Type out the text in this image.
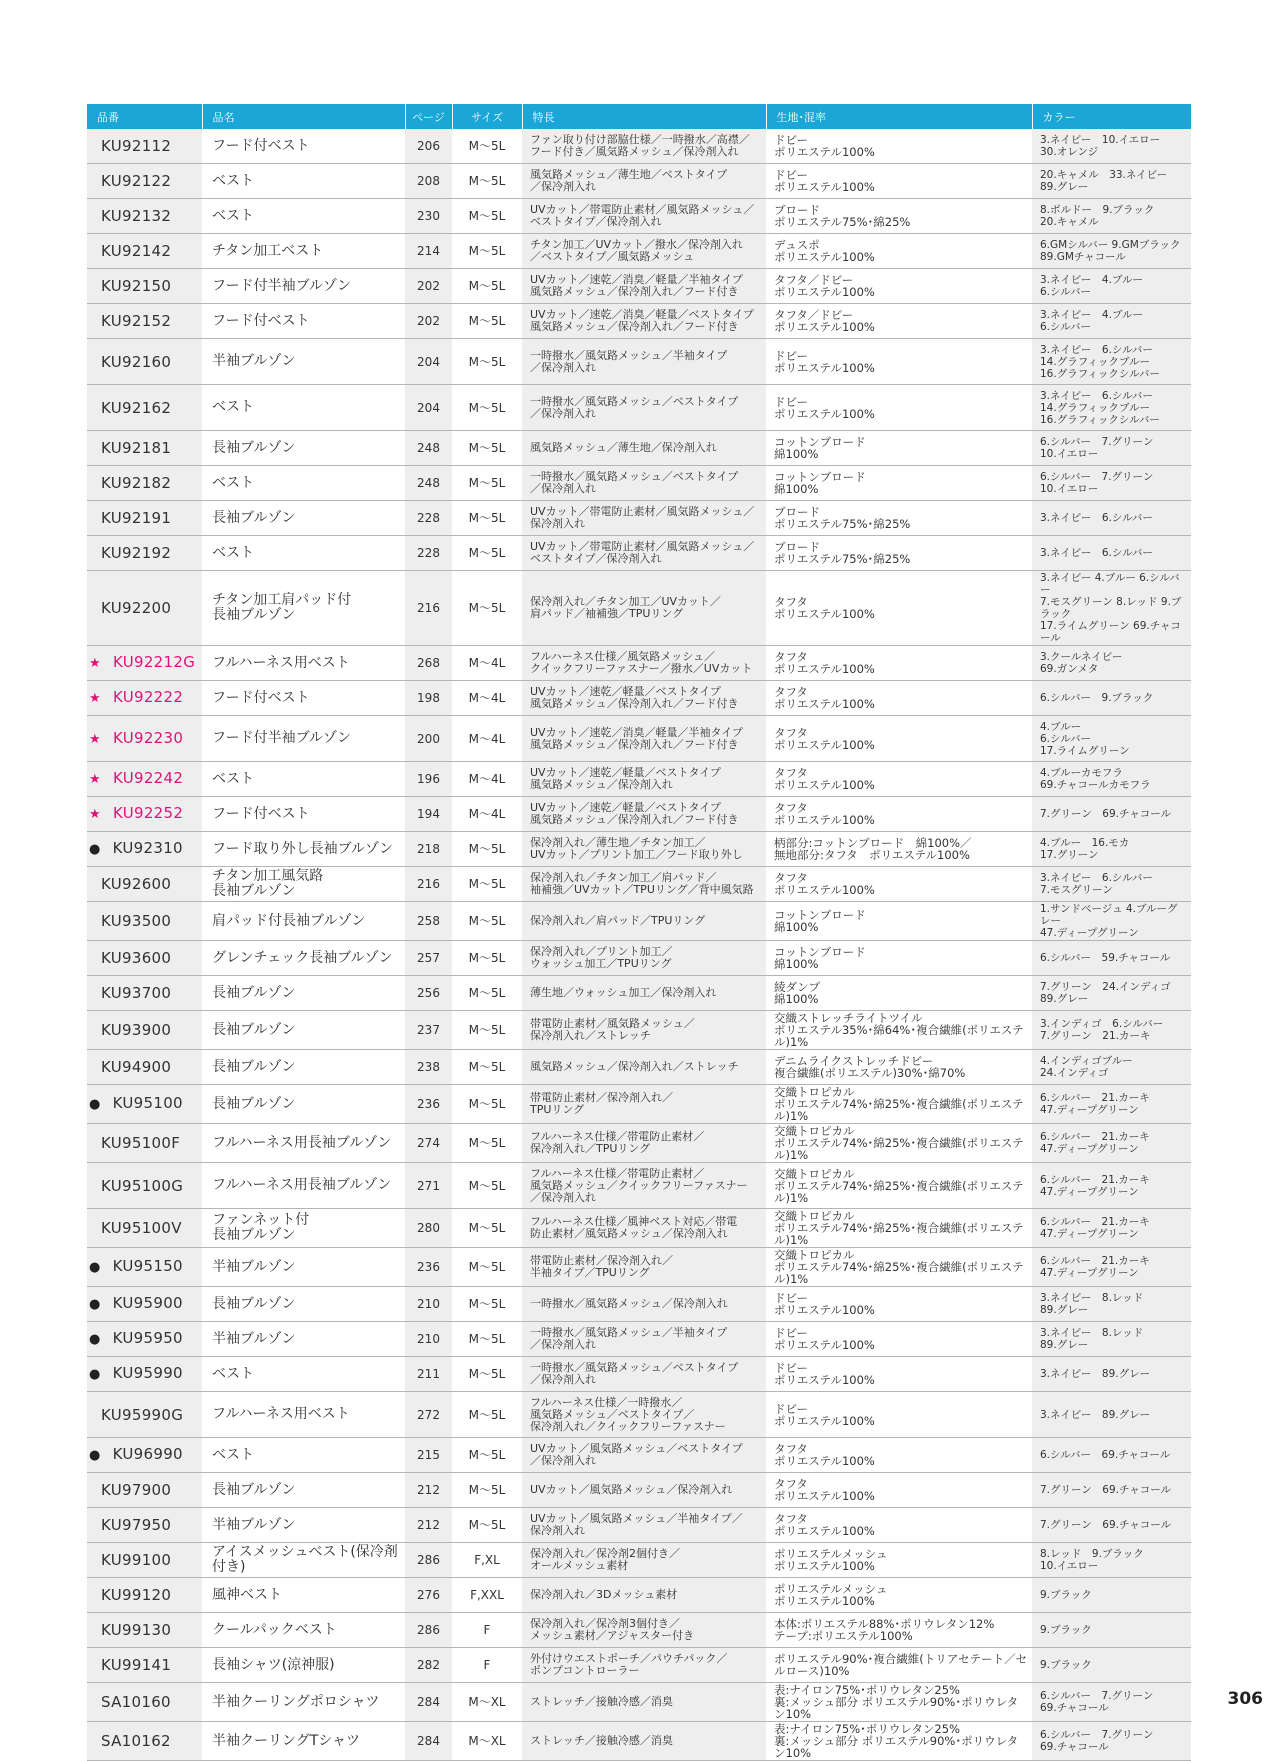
品番	品名	ページ	サイズ	特長	生地･混率	カラー
KU92112	フード付ベスト	206	M～5L	ファン取り付け部脇仕様／一時撥水／高襟／
フード付き／風気路メッシュ／保冷剤入れ	ドビー
ポリエステル100%	3.ネイビー　10.イエロー
30.オレンジ
KU92122	ベスト	208	M～5L	風気路メッシュ／薄生地／ベストタイプ
／保冷剤入れ	ドビー
ポリエステル100%	20.キャメル　33.ネイビー
89.グレー
KU92132	ベスト	230	M～5L	UVカット／帯電防止素材／風気路メッシュ／
ベストタイプ／保冷剤入れ	ブロード
ポリエステル75%･綿25%	8.ボルドー　9.ブラック
20.キャメル
KU92142	チタン加工ベスト	214	M～5L	チタン加工／UVカット／撥水／保冷剤入れ
／ベストタイプ／風気路メッシュ	デュスポ
ポリエステル100%	6.GMシルバー 9.GMブラック
89.GMチャコール
KU92150	フード付半袖ブルゾン	202	M～5L	UVカット／速乾／消臭／軽量／半袖タイプ
風気路メッシュ／保冷剤入れ／フード付き	タフタ／ドビー
ポリエステル100%	3.ネイビー　4.ブルー
6.シルバー
KU92152	フード付ベスト	202	M～5L	UVカット／速乾／消臭／軽量／ベストタイプ
風気路メッシュ／保冷剤入れ／フード付き	タフタ／ドビー
ポリエステル100%	3.ネイビー　4.ブルー
6.シルバー
KU92160	半袖ブルゾン	204	M～5L	一時撥水／風気路メッシュ／半袖タイプ
／保冷剤入れ	ドビー
ポリエステル100%	3.ネイビー　6.シルバー
14.グラフィックブルー
16.グラフィックシルバー
KU92162	ベスト	204	M～5L	一時撥水／風気路メッシュ／ベストタイプ
／保冷剤入れ	ドビー
ポリエステル100%	3.ネイビー　6.シルバー
14.グラフィックブルー
16.グラフィックシルバー
KU92181	長袖ブルゾン	248	M～5L	風気路メッシュ／薄生地／保冷剤入れ	コットンブロード
綿100%	6.シルバー　7.グリーン
10.イエロー
KU92182	ベスト	248	M～5L	一時撥水／風気路メッシュ／ベストタイプ
／保冷剤入れ	コットンブロード
綿100%	6.シルバー　7.グリーン
10.イエロー
KU92191	長袖ブルゾン	228	M～5L	UVカット／帯電防止素材／風気路メッシュ／
保冷剤入れ	ブロード
ポリエステル75%･綿25%	3.ネイビー　6.シルバー
KU92192	ベスト	228	M～5L	UVカット／帯電防止素材／風気路メッシュ／
ベストタイプ／保冷剤入れ	ブロード
ポリエステル75%･綿25%	3.ネイビー　6.シルバー
KU92200	チタン加工肩パッド付
長袖ブルゾン	216	M～5L	保冷剤入れ／チタン加工／UVカット／
肩パッド／袖補強／TPUリング	タフタ
ポリエステル100%	3.ネイビー 4.ブルー 6.シルバー
7.モスグリーン 8.レッド 9.ブラック
17.ライムグリーン 69.チャコール
★ KU92212G	フルハーネス用ベスト	268	M～4L	フルハーネス仕様／風気路メッシュ／
クイックフリーファスナー／撥水／UVカット	タフタ
ポリエステル100%	3.クールネイビー
69.ガンメタ
★ KU92222	フード付ベスト	198	M～4L	UVカット／速乾／軽量／ベストタイプ
風気路メッシュ／保冷剤入れ／フード付き	タフタ
ポリエステル100%	6.シルバー　9.ブラック
★ KU92230	フード付半袖ブルゾン	200	M～4L	UVカット／速乾／消臭／軽量／半袖タイプ
風気路メッシュ／保冷剤入れ／フード付き	タフタ
ポリエステル100%	4.ブルー
6.シルバー
17.ライムグリーン
★ KU92242	ベスト	196	M～4L	UVカット／速乾／軽量／ベストタイプ
風気路メッシュ／保冷剤入れ	タフタ
ポリエステル100%	4.ブルーカモフラ
69.チャコールカモフラ
★ KU92252	フード付ベスト	194	M～4L	UVカット／速乾／軽量／ベストタイプ
風気路メッシュ／保冷剤入れ／フード付き	タフタ
ポリエステル100%	7.グリーン　69.チャコール
● KU92310	フード取り外し長袖ブルゾン	218	M～5L	保冷剤入れ／薄生地／チタン加工／
UVカット／プリント加工／フード取り外し	柄部分:コットンブロード　綿100%／
無地部分:タフタ　ポリエステル100%	4.ブルー　16.モカ
17.グリーン
KU92600	チタン加工風気路
長袖ブルゾン	216	M～5L	保冷剤入れ／チタン加工／肩パッド／
袖補強／UVカット／TPUリング／背中風気路	タフタ
ポリエステル100%	3.ネイビー　6.シルバー
7.モスグリーン
KU93500	肩パッド付長袖ブルゾン	258	M～5L	保冷剤入れ／肩パッド／TPUリング	コットンブロード
綿100%	1.サンドベージュ 4.ブルーグレー
47.ディープグリーン
KU93600	グレンチェック長袖ブルゾン	257	M～5L	保冷剤入れ／プリント加工／
ウォッシュ加工／TPUリング	コットンブロード
綿100%	6.シルバー　59.チャコール
KU93700	長袖ブルゾン	256	M～5L	薄生地／ウォッシュ加工／保冷剤入れ	綾ダンプ
綿100%	7.グリーン　24.インディゴ
89.グレー
KU93900	長袖ブルゾン	237	M～5L	帯電防止素材／風気路メッシュ／
保冷剤入れ／ストレッチ	交織ストレッチライトツイル
ポリエステル35%･綿64%･複合繊維(ポリエステル)1%	3.インディゴ　6.シルバー
7.グリーン　21.カーキ
KU94900	長袖ブルゾン	238	M～5L	風気路メッシュ／保冷剤入れ／ストレッチ	デニムライクストレッチドビー
複合繊維(ポリエステル)30%･綿70%	4.インディゴブルー
24.インディゴ
● KU95100	長袖ブルゾン	236	M～5L	帯電防止素材／保冷剤入れ／
TPUリング	交織トロピカル
ポリエステル74%･綿25%･複合繊維(ポリエステル)1%	6.シルバー　21.カーキ
47.ディープグリーン
KU95100F	フルハーネス用長袖ブルゾン	274	M～5L	フルハーネス仕様／帯電防止素材／
保冷剤入れ／TPUリング	交織トロピカル
ポリエステル74%･綿25%･複合繊維(ポリエステル)1%	6.シルバー　21.カーキ
47.ディープグリーン
KU95100G	フルハーネス用長袖ブルゾン	271	M～5L	フルハーネス仕様／帯電防止素材／
風気路メッシュ／クイックフリーファスナー
／保冷剤入れ	交織トロピカル
ポリエステル74%･綿25%･複合繊維(ポリエステル)1%	6.シルバー　21.カーキ
47.ディープグリーン
KU95100V	ファンネット付
長袖ブルゾン	280	M～5L	フルハーネス仕様／風神ベスト対応／帯電
防止素材／風気路メッシュ／保冷剤入れ	交織トロピカル
ポリエステル74%･綿25%･複合繊維(ポリエステル)1%	6.シルバー　21.カーキ
47.ディープグリーン
● KU95150	半袖ブルゾン	236	M～5L	帯電防止素材／保冷剤入れ／
半袖タイプ／TPUリング	交織トロピカル
ポリエステル74%･綿25%･複合繊維(ポリエステル)1%	6.シルバー　21.カーキ
47.ディープグリーン
● KU95900	長袖ブルゾン	210	M～5L	一時撥水／風気路メッシュ／保冷剤入れ	ドビー
ポリエステル100%	3.ネイビー　8.レッド
89.グレー
● KU95950	半袖ブルゾン	210	M～5L	一時撥水／風気路メッシュ／半袖タイプ
／保冷剤入れ	ドビー
ポリエステル100%	3.ネイビー　8.レッド
89.グレー
● KU95990	ベスト	211	M～5L	一時撥水／風気路メッシュ／ベストタイプ
／保冷剤入れ	ドビー
ポリエステル100%	3.ネイビー　89.グレー
KU95990G	フルハーネス用ベスト	272	M～5L	フルハーネス仕様／一時撥水／
風気路メッシュ／ベストタイプ／
保冷剤入れ／クイックフリーファスナー	ドビー
ポリエステル100%	3.ネイビー　89.グレー
● KU96990	ベスト	215	M～5L	UVカット／風気路メッシュ／ベストタイプ
／保冷剤入れ	タフタ
ポリエステル100%	6.シルバー　69.チャコール
KU97900	長袖ブルゾン	212	M～5L	UVカット／風気路メッシュ／保冷剤入れ	タフタ
ポリエステル100%	7.グリーン　69.チャコール
KU97950	半袖ブルゾン	212	M～5L	UVカット／風気路メッシュ／半袖タイプ／
保冷剤入れ	タフタ
ポリエステル100%	7.グリーン　69.チャコール
KU99100	アイスメッシュベスト(保冷剤付き)	286	F,XL	保冷剤入れ／保冷剤2個付き／
オールメッシュ素材	ポリエステルメッシュ
ポリエステル100%	8.レッド　9.ブラック
10.イエロー
KU99120	風神ベスト	276	F,XXL	保冷剤入れ／3Dメッシュ素材	ポリエステルメッシュ
ポリエステル100%	9.ブラック
KU99130	クールパックベスト	286	F	保冷剤入れ／保冷剤3個付き／
メッシュ素材／アジャスター付き	本体:ポリエステル88%･ポリウレタン12%
テープ:ポリエステル100%	9.ブラック
KU99141	長袖シャツ(涼神服)	282	F	外付けウエストポーチ／パウチパック／
ポンプコントローラー	ポリエステル90%･複合繊維(トリアセテート／セルロース)10%	9.ブラック
SA10160	半袖クーリングポロシャツ	284	M～XL	ストレッチ／接触冷感／消臭	表:ナイロン75%･ポリウレタン25%
裏:メッシュ部分 ポリエステル90%･ポリウレタン10%	6.シルバー　7.グリーン
69.チャコール
SA10162	半袖クーリングTシャツ	284	M～XL	ストレッチ／接触冷感／消臭	表:ナイロン75%･ポリウレタン25%
裏:メッシュ部分 ポリエステル90%･ポリウレタン10%	6.シルバー　7.グリーン
69.チャコール

306
